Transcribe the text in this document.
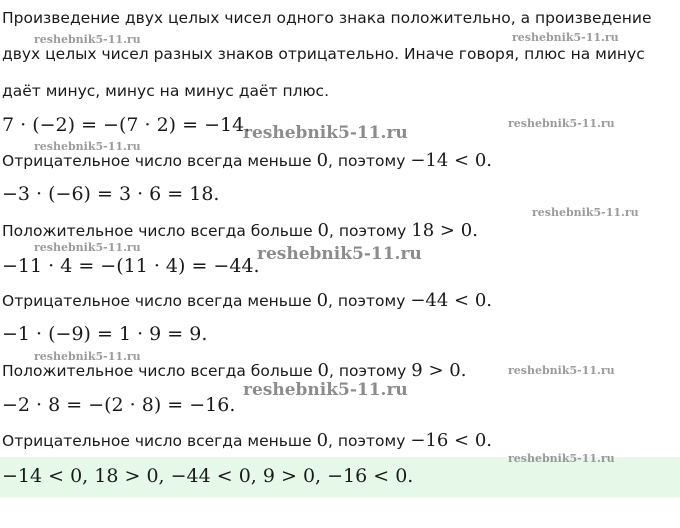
Произведение двух целых чисел одного знака положительно, а произведение
двух целых чисел разных знаков отрицательно. Иначе говоря, плюс на минус
даёт минус, минус на минус даёт плюс.
7 · (−2) = −(7 · 2) = −14.
Отрицательное число всегда меньше 0, поэтому −14 < 0.
−3 · (−6) = 3 · 6 = 18.
Положительное число всегда больше 0, поэтому 18 > 0.
−11 · 4 = −(11 · 4) = −44.
Отрицательное число всегда меньше 0, поэтому −44 < 0.
−1 · (−9) = 1 · 9 = 9.
Положительное число всегда больше 0, поэтому 9 > 0.
−2 · 8 = −(2 · 8) = −16.
Отрицательное число всегда меньше 0, поэтому −16 < 0.
−14 < 0, 18 > 0, −44 < 0, 9 > 0, −16 < 0.
reshebnik5-11.ru	reshebnik5-11.ru
reshebnik5-11.ru	reshebnik5-11.ru
reshebnik5-11.ru
reshebnik5-11.ru
reshebnik5-11.ru	reshebnik5-11.ru
reshebnik5-11.ru
reshebnik5-11.ru
reshebnik5-11.ru
reshebnik5-11.ru
